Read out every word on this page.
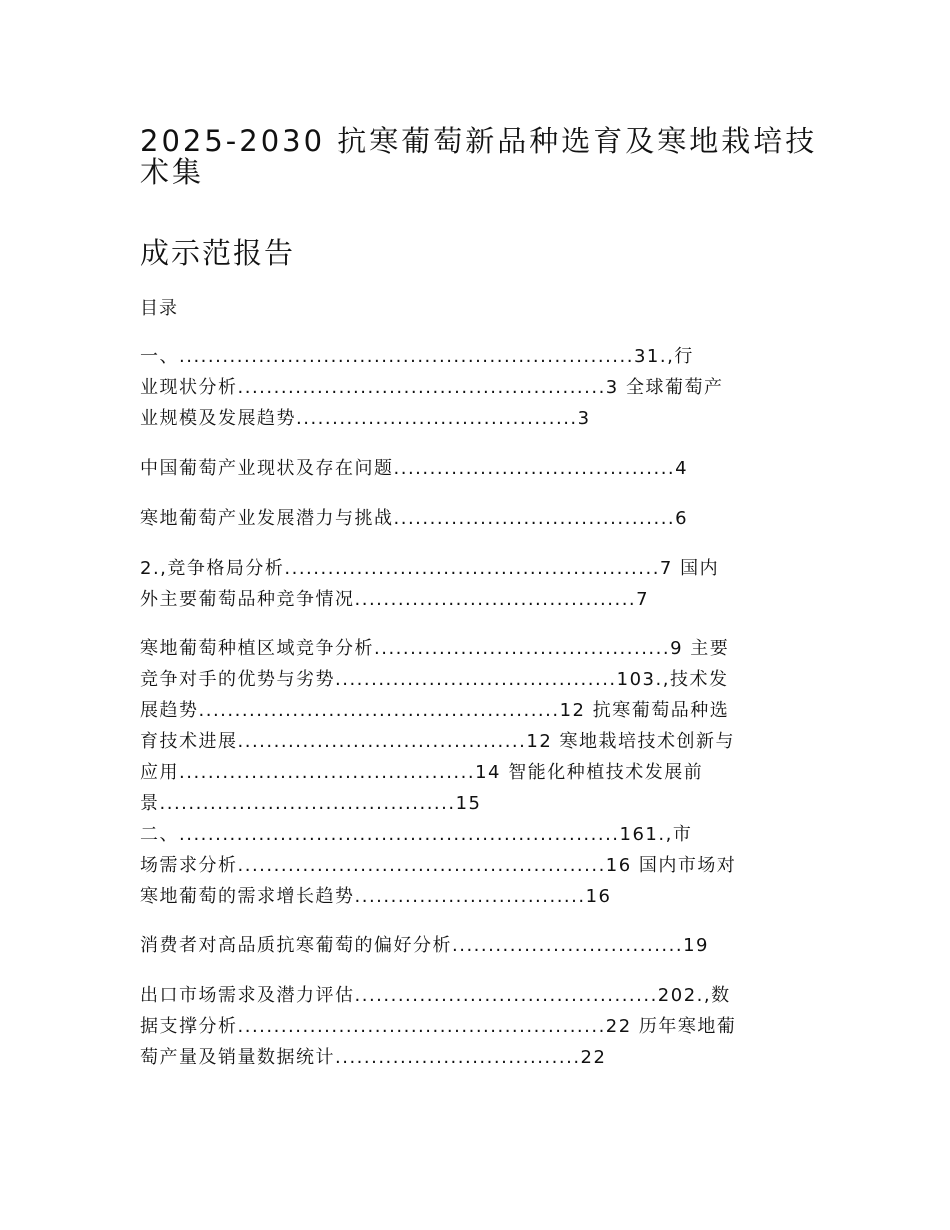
2025-2030 抗寒葡萄新品种选育及寒地栽培技
术集
成示范报告
目录
一、...............................................................31.,行
业现状分析...................................................3 全球葡萄产
业规模及发展趋势.......................................3
中国葡萄产业现状及存在问题.......................................4
寒地葡萄产业发展潜力与挑战.......................................6
2.,竞争格局分析....................................................7 国内
外主要葡萄品种竞争情况.......................................7
寒地葡萄种植区域竞争分析.........................................9 主要
竞争对手的优势与劣势.......................................103.,技术发
展趋势..................................................12 抗寒葡萄品种选
育技术进展........................................12 寒地栽培技术创新与
应用.........................................14 智能化种植技术发展前
景.........................................15
二、.............................................................161.,市
场需求分析...................................................16 国内市场对
寒地葡萄的需求增长趋势................................16
消费者对高品质抗寒葡萄的偏好分析................................19
出口市场需求及潜力评估..........................................202.,数
据支撑分析...................................................22 历年寒地葡
萄产量及销量数据统计..................................22
